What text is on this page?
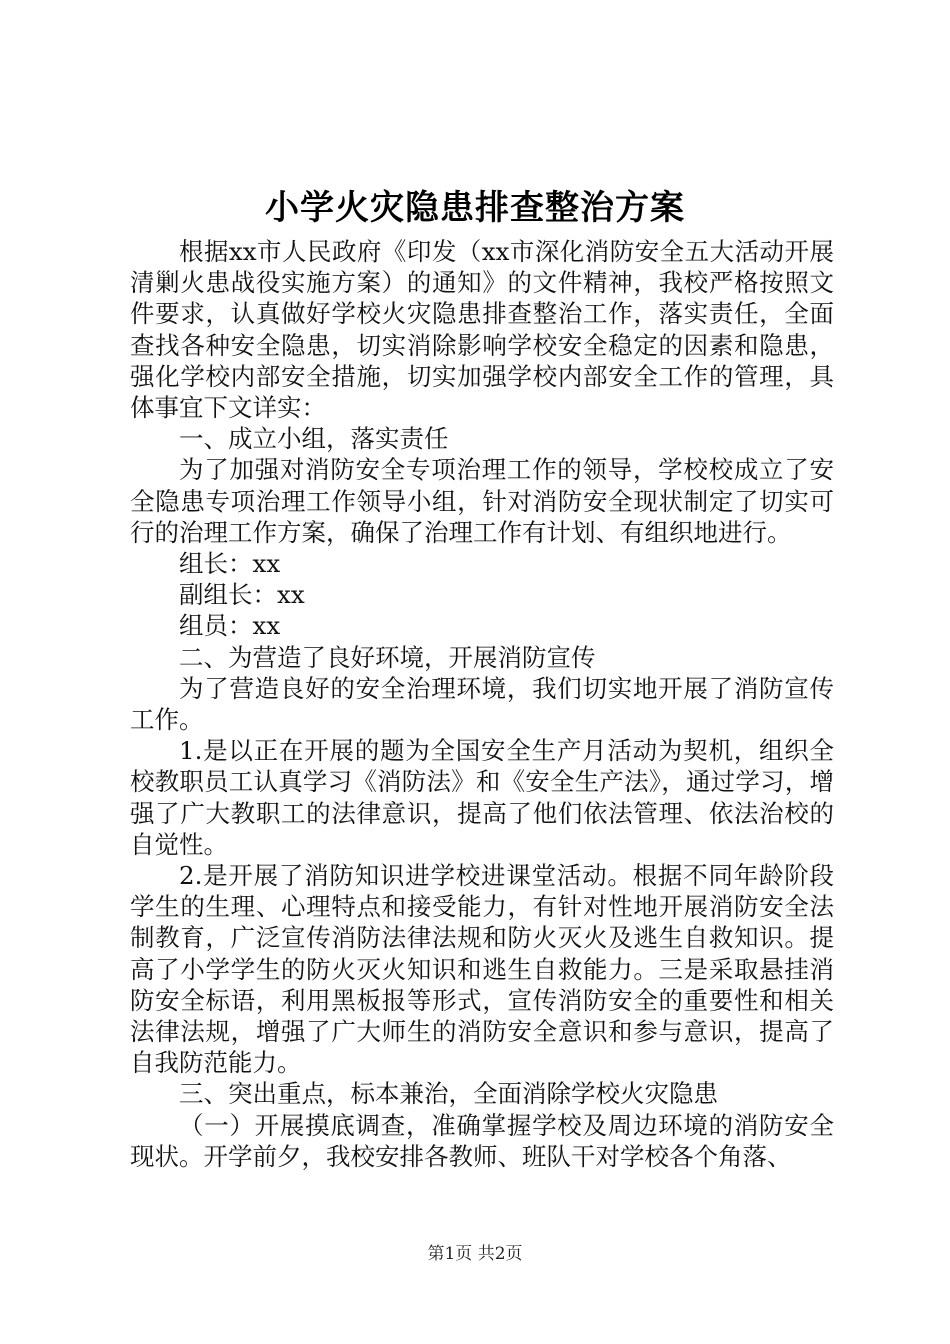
小学火灾隐患排查整治方案

根据xx市人民政府《印发（xx市深化消防安全五大活动开展清剿火患战役实施方案）的通知》的文件精神，我校严格按照文件要求，认真做好学校火灾隐患排查整治工作，落实责任，全面查找各种安全隐患，切实消除影响学校安全稳定的因素和隐患，强化学校内部安全措施，切实加强学校内部安全工作的管理，具体事宜下文详实：

一、成立小组，落实责任

为了加强对消防安全专项治理工作的领导，学校校成立了安全隐患专项治理工作领导小组，针对消防安全现状制定了切实可行的治理工作方案，确保了治理工作有计划、有组织地进行。

组长：xx

副组长：xx

组员：xx

二、为营造了良好环境，开展消防宣传

为了营造良好的安全治理环境，我们切实地开展了消防宣传工作。

1.是以正在开展的题为全国安全生产月活动为契机，组织全校教职员工认真学习《消防法》和《安全生产法》，通过学习，增强了广大教职工的法律意识，提高了他们依法管理、依法治校的自觉性。

2.是开展了消防知识进学校进课堂活动。根据不同年龄阶段学生的生理、心理特点和接受能力，有针对性地开展消防安全法制教育，广泛宣传消防法律法规和防火灭火及逃生自救知识。提高了小学学生的防火灭火知识和逃生自救能力。三是采取悬挂消防安全标语，利用黑板报等形式，宣传消防安全的重要性和相关法律法规，增强了广大师生的消防安全意识和参与意识，提高了自我防范能力。

三、突出重点，标本兼治，全面消除学校火灾隐患

（一）开展摸底调查，准确掌握学校及周边环境的消防安全现状。开学前夕，我校安排各教师、班队干对学校各个角落、

第1页 共2页
